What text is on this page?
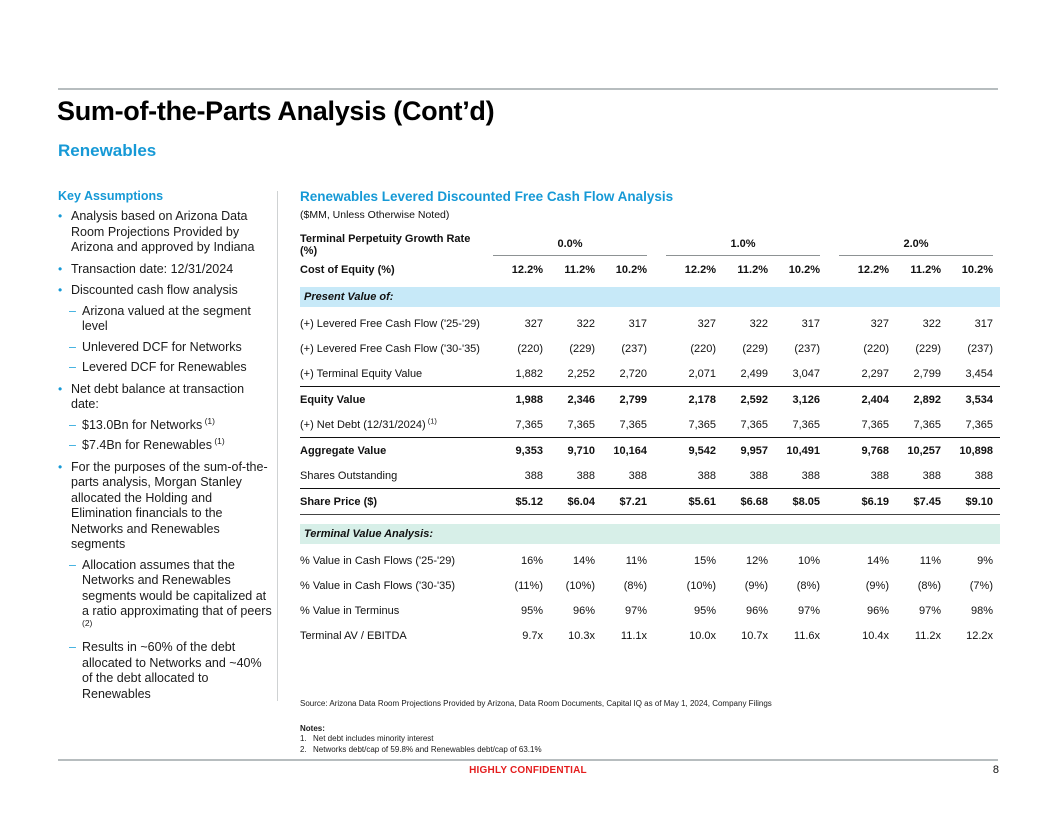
Sum-of-the-Parts Analysis (Cont’d)
Renewables
Key Assumptions
• Analysis based on Arizona Data Room Projections Provided by Arizona and approved by Indiana
• Transaction date: 12/31/2024
• Discounted cash flow analysis
– Arizona valued at the segment level
– Unlevered DCF for Networks
– Levered DCF for Renewables
• Net debt balance at transaction date:
– $13.0Bn for Networks $^{(1)}$
– $7.4Bn for Renewables $^{(1)}$
• For the purposes of the sum-of-the-parts analysis, Morgan Stanley allocated the Holding and Elimination financials to the Networks and Renewables segments
– Allocation assumes that the Networks and Renewables segments would be capitalized at a ratio approximating that of peers $^{(2)}$
– Results in ~60% of the debt allocated to Networks and ~40% of the debt allocated to Renewables
Renewables Levered Discounted Free Cash Flow Analysis
($MM, Unless Otherwise Noted)
Terminal Perpetuity Growth Rate (%)
0.0%	1.0%	2.0%
Cost of Equity (%)	12.2%	11.2%	10.2%	12.2%	11.2%	10.2%	12.2%	11.2%	10.2%
Present Value of:
(+) Levered Free Cash Flow ('25-'29)	327	322	317	327	322	317	327	322	317
(+) Levered Free Cash Flow ('30-'35)	(220)	(229)	(237)	(220)	(229)	(237)	(220)	(229)	(237)
(+) Terminal Equity Value	1,882	2,252	2,720	2,071	2,499	3,047	2,297	2,799	3,454
Equity Value	1,988	2,346	2,799	2,178	2,592	3,126	2,404	2,892	3,534
(+) Net Debt (12/31/2024) $^{(1)}$	7,365	7,365	7,365	7,365	7,365	7,365	7,365	7,365	7,365
Aggregate Value	9,353	9,710	10,164	9,542	9,957	10,491	9,768	10,257	10,898
Shares Outstanding	388	388	388	388	388	388	388	388	388
Share Price ($)	$5.12	$6.04	$7.21	$5.61	$6.68	$8.05	$6.19	$7.45	$9.10
Terminal Value Analysis:
% Value in Cash Flows ('25-'29)	16%	14%	11%	15%	12%	10%	14%	11%	9%
% Value in Cash Flows ('30-'35)	(11%)	(10%)	(8%)	(10%)	(9%)	(8%)	(9%)	(8%)	(7%)
% Value in Terminus	95%	96%	97%	95%	96%	97%	96%	97%	98%
Terminal AV / EBITDA	9.7x	10.3x	11.1x	10.0x	10.7x	11.6x	10.4x	11.2x	12.2x
Source: Arizona Data Room Projections Provided by Arizona, Data Room Documents, Capital IQ as of May 1, 2024, Company Filings
Notes:
1. Net debt includes minority interest
2. Networks debt/cap of 59.8% and Renewables debt/cap of 63.1%
HIGHLY CONFIDENTIAL	8
